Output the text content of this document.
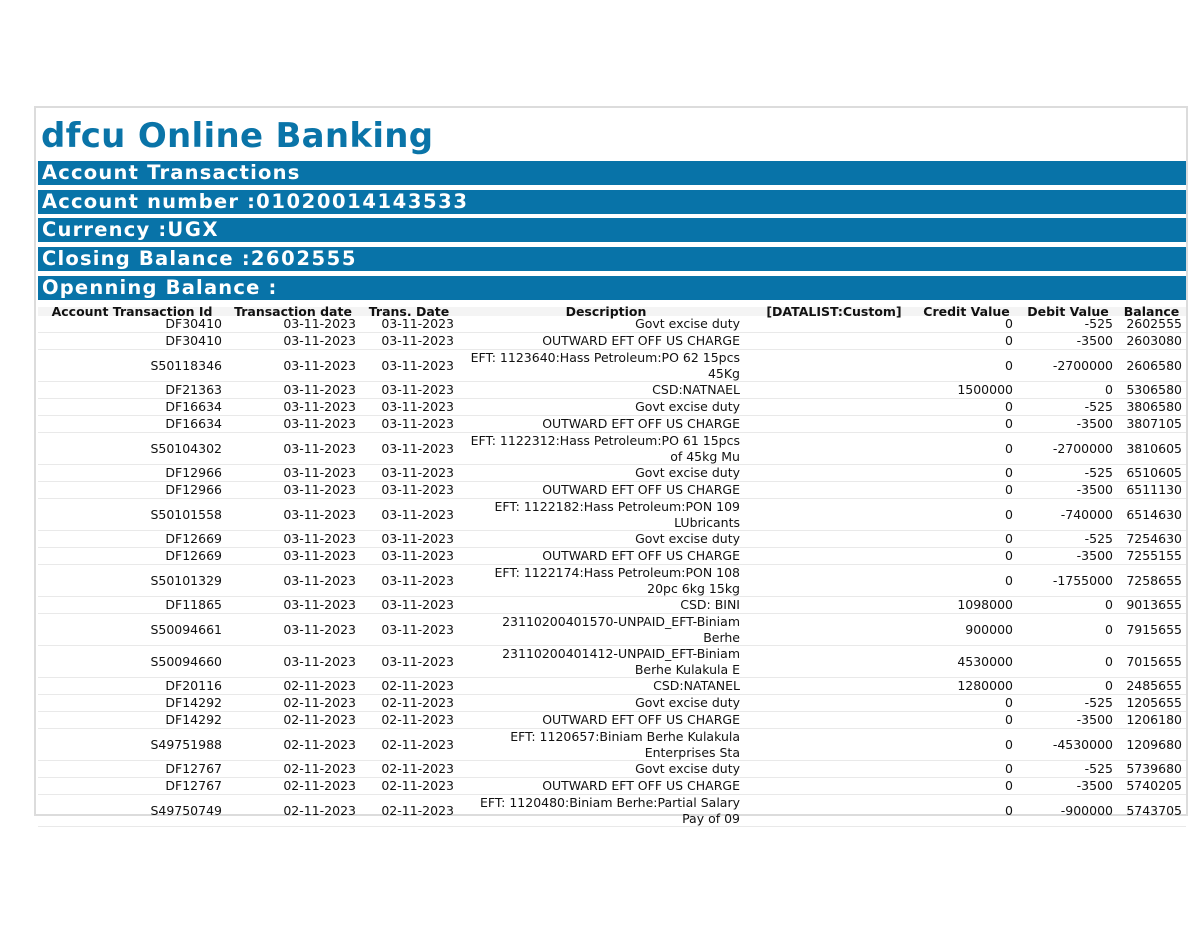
dfcu Online Banking
Account Transactions
Account number :01020014143533
Currency :UGX
Closing Balance :2602555
Openning Balance :
Account Transaction Id	Transaction date	Trans. Date	Description	[DATALIST:Custom]	Credit Value	Debit Value	Balance
DF30410	03-11-2023	03-11-2023	Govt excise duty		0	-525	2602555
DF30410	03-11-2023	03-11-2023	OUTWARD EFT OFF US CHARGE		0	-3500	2603080
S50118346	03-11-2023	03-11-2023	EFT: 1123640:Hass Petroleum:PO 62 15pcs 45Kg		0	-2700000	2606580
DF21363	03-11-2023	03-11-2023	CSD:NATNAEL		1500000	0	5306580
DF16634	03-11-2023	03-11-2023	Govt excise duty		0	-525	3806580
DF16634	03-11-2023	03-11-2023	OUTWARD EFT OFF US CHARGE		0	-3500	3807105
S50104302	03-11-2023	03-11-2023	EFT: 1122312:Hass Petroleum:PO 61 15pcs of 45kg Mu		0	-2700000	3810605
DF12966	03-11-2023	03-11-2023	Govt excise duty		0	-525	6510605
DF12966	03-11-2023	03-11-2023	OUTWARD EFT OFF US CHARGE		0	-3500	6511130
S50101558	03-11-2023	03-11-2023	EFT: 1122182:Hass Petroleum:PON 109 LUbricants		0	-740000	6514630
DF12669	03-11-2023	03-11-2023	Govt excise duty		0	-525	7254630
DF12669	03-11-2023	03-11-2023	OUTWARD EFT OFF US CHARGE		0	-3500	7255155
S50101329	03-11-2023	03-11-2023	EFT: 1122174:Hass Petroleum:PON 108 20pc 6kg 15kg		0	-1755000	7258655
DF11865	03-11-2023	03-11-2023	CSD: BINI		1098000	0	9013655
S50094661	03-11-2023	03-11-2023	23110200401570-UNPAID_EFT-Biniam Berhe		900000	0	7915655
S50094660	03-11-2023	03-11-2023	23110200401412-UNPAID_EFT-Biniam Berhe Kulakula E		4530000	0	7015655
DF20116	02-11-2023	02-11-2023	CSD:NATANEL		1280000	0	2485655
DF14292	02-11-2023	02-11-2023	Govt excise duty		0	-525	1205655
DF14292	02-11-2023	02-11-2023	OUTWARD EFT OFF US CHARGE		0	-3500	1206180
S49751988	02-11-2023	02-11-2023	EFT: 1120657:Biniam Berhe Kulakula Enterprises Sta		0	-4530000	1209680
DF12767	02-11-2023	02-11-2023	Govt excise duty		0	-525	5739680
DF12767	02-11-2023	02-11-2023	OUTWARD EFT OFF US CHARGE		0	-3500	5740205
S49750749	02-11-2023	02-11-2023	EFT: 1120480:Biniam Berhe:Partial Salary Pay of 09		0	-900000	5743705
